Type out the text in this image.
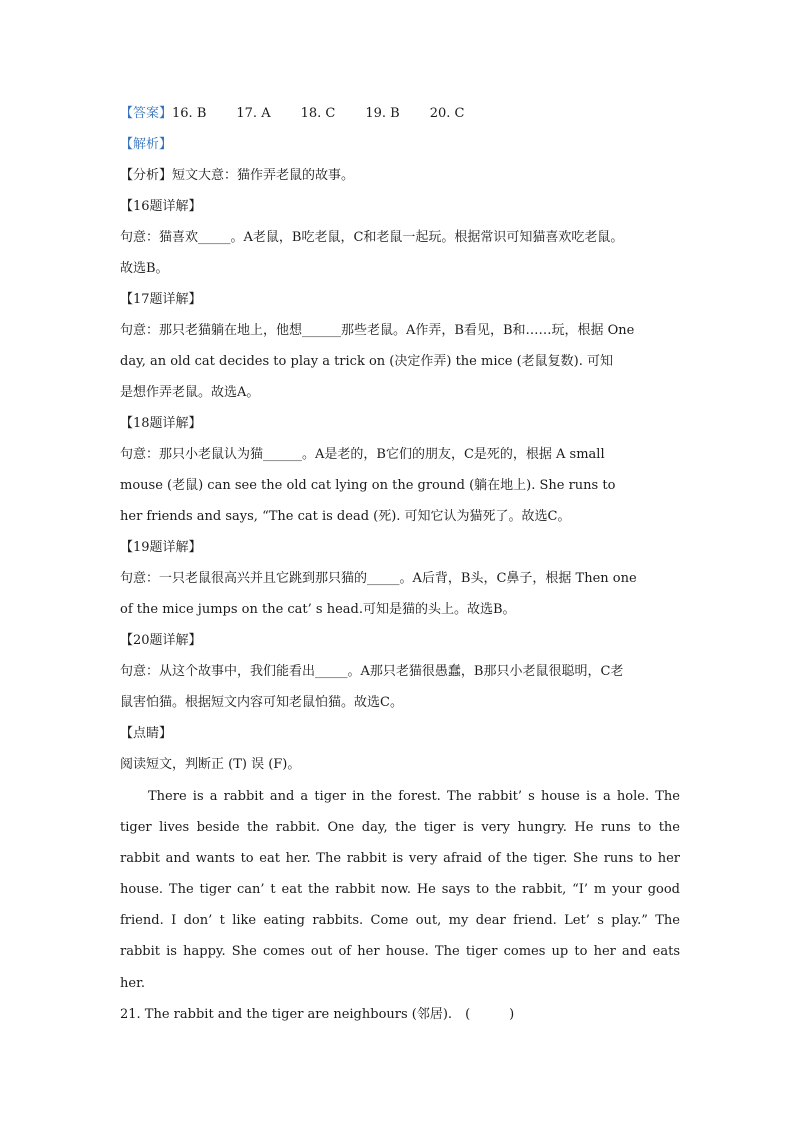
【答案】16. B 17. A 18. C 19. B 20. C
【解析】
【分析】短文大意：猫作弄老鼠的故事。
【16题详解】
句意：猫喜欢_____。A老鼠，B吃老鼠，C和老鼠一起玩。根据常识可知猫喜欢吃老鼠。
故选B。
【17题详解】
句意：那只老猫躺在地上，他想______那些老鼠。A作弄，B看见，B和……玩，根据 One
day, an old cat decides to play a trick on (决定作弄) the mice (老鼠复数). 可知
是想作弄老鼠。故选A。
【18题详解】
句意：那只小老鼠认为猫______。A是老的，B它们的朋友，C是死的，根据 A small
mouse (老鼠) can see the old cat lying on the ground (躺在地上). She runs to
her friends and says, “The cat is dead (死). 可知它认为猫死了。故选C。
【19题详解】
句意：一只老鼠很高兴并且它跳到那只猫的_____。A后背，B头，C鼻子，根据 Then one
of the mice jumps on the cat’ s head.可知是猫的头上。故选B。
【20题详解】
句意：从这个故事中，我们能看出_____。A那只老猫很愚蠢，B那只小老鼠很聪明，C老
鼠害怕猫。根据短文内容可知老鼠怕猫。故选C。
【点睛】
阅读短文，判断正 (T) 误 (F)。

There is a rabbit and a tiger in the forest. The rabbit’ s house is a hole. The tiger lives beside the rabbit. One day, the tiger is very hungry. He runs to the rabbit and wants to eat her. The rabbit is very afraid of the tiger. She runs to her house. The tiger can’ t eat the rabbit now. He says to the rabbit, “I’ m your good friend. I don’ t like eating rabbits. Come out, my dear friend. Let’ s play.” The rabbit is happy. She comes out of her house. The tiger comes up to her and eats her.

21. The rabbit and the tiger are neighbours (邻居).　(　　　)
